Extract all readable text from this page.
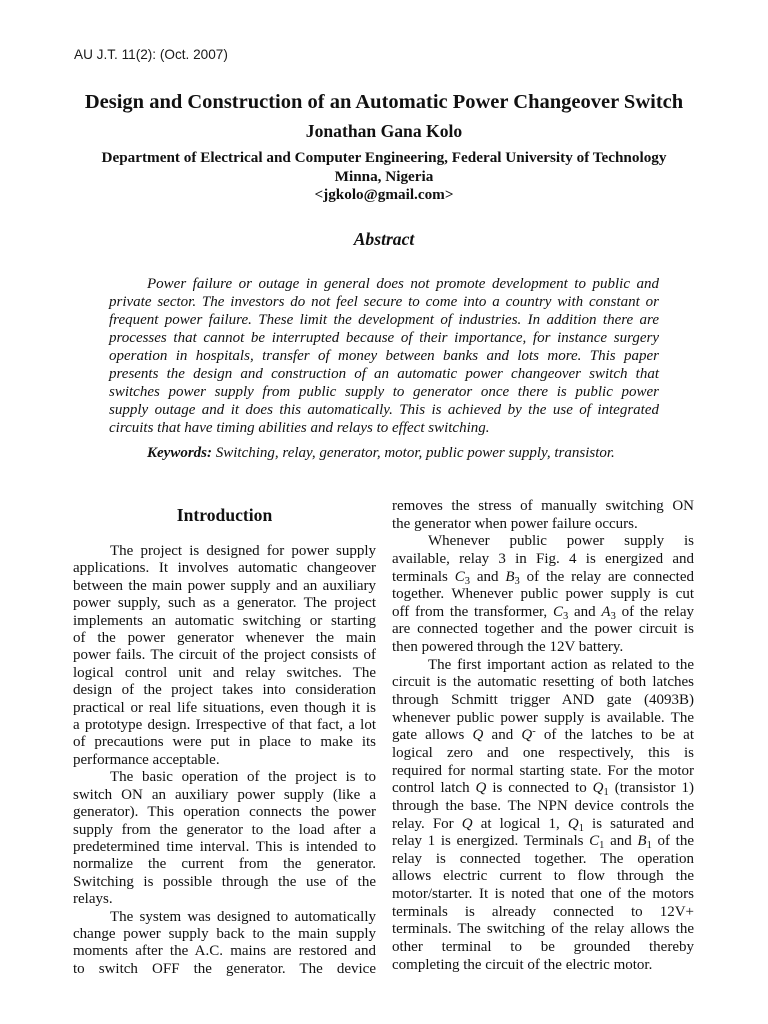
AU J.T. 11(2): (Oct. 2007)
Design and Construction of an Automatic Power Changeover Switch
Jonathan Gana Kolo
Department of Electrical and Computer Engineering, Federal University of Technology
Minna, Nigeria
<jgkolo@gmail.com>
Abstract
Power failure or outage in general does not promote development to public and
private sector. The investors do not feel secure to come into a country with constant or
frequent power failure. These limit the development of industries. In addition there are
processes that cannot be interrupted because of their importance, for instance surgery
operation in hospitals, transfer of money between banks and lots more. This paper
presents the design and construction of an automatic power changeover switch that
switches power supply from public supply to generator once there is public power
supply outage and it does this automatically. This is achieved by the use of integrated
circuits that have timing abilities and relays to effect switching.
Keywords: Switching, relay, generator, motor, public power supply, transistor.
Introduction
The project is designed for power supply
applications. It involves automatic changeover
between the main power supply and an auxiliary
power supply, such as a generator. The project
implements an automatic switching or starting
of the power generator whenever the main
power fails. The circuit of the project consists of
logical control unit and relay switches. The
design of the project takes into consideration
practical or real life situations, even though it is
a prototype design. Irrespective of that fact, a lot
of precautions were put in place to make its
performance acceptable.
The basic operation of the project is to
switch ON an auxiliary power supply (like a
generator). This operation connects the power
supply from the generator to the load after a
predetermined time interval. This is intended to
normalize the current from the generator.
Switching is possible through the use of the
relays.
The system was designed to automatically
change power supply back to the main supply
moments after the A.C. mains are restored and
to switch OFF the generator. The device
removes the stress of manually switching ON
the generator when power failure occurs.
Whenever public power supply is
available, relay 3 in Fig. 4 is energized and
terminals $C_3$ and $B_3$ of the relay are connected
together. Whenever public power supply is cut
off from the transformer, $C_3$ and $A_3$ of the relay
are connected together and the power circuit is
then powered through the 12V battery.
The first important action as related to the
circuit is the automatic resetting of both latches
through Schmitt trigger AND gate (4093B)
whenever public power supply is available. The
gate allows Q and Q- of the latches to be at
logical zero and one respectively, this is
required for normal starting state. For the motor
control latch Q is connected to $Q_1$ (transistor 1)
through the base. The NPN device controls the
relay. For Q at logical 1, $Q_1$ is saturated and
relay 1 is energized. Terminals $C_1$ and $B_1$ of the
relay is connected together. The operation
allows electric current to flow through the
motor/starter. It is noted that one of the motors
terminals is already connected to 12V+
terminals. The switching of the relay allows the
other terminal to be grounded thereby
completing the circuit of the electric motor.
